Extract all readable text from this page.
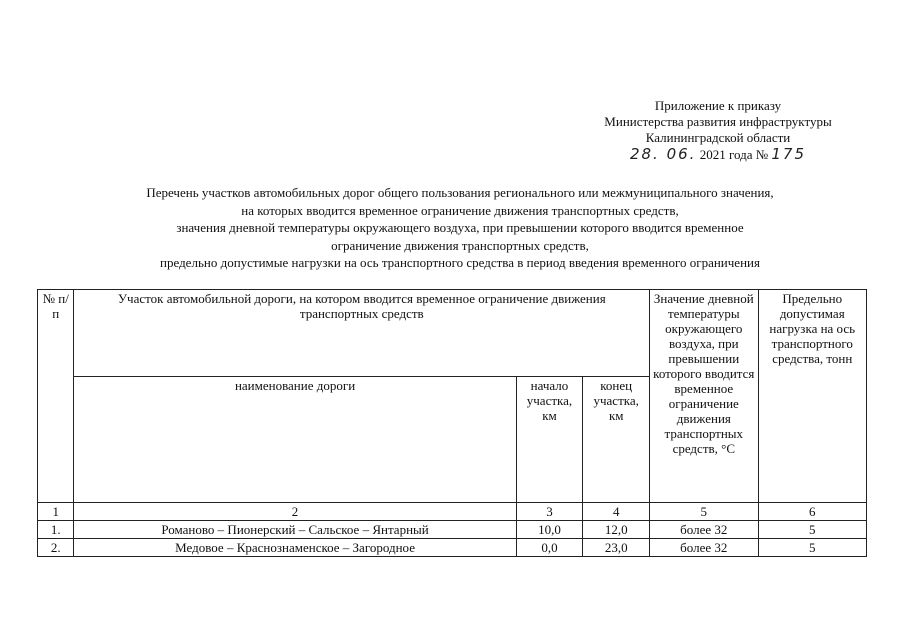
Приложение к приказу
Министерства развития инфраструктуры
Калининградской области
28. 06. 2021 года № 175
Перечень участков автомобильных дорог общего пользования регионального или межмуниципального значения,
на которых вводится временное ограничение движения транспортных средств,
значения дневной температуры окружающего воздуха, при превышении которого вводится временное
ограничение движения транспортных средств,
предельно допустимые нагрузки на ось транспортного средства в период введения временного ограничения
№ п/п	Участок автомобильной дороги, на котором вводится временное ограничение движения транспортных средств			Значение дневной температуры окружающего воздуха, при превышении которого вводится временное ограничение движения транспортных средств, °С	Предельно допустимая нагрузка на ось транспортного средства, тонн
	наименование дороги	начало участка, км	конец участка, км		
1	2	3	4	5	6
1.	Романово – Пионерский – Сальское – Янтарный	10,0	12,0	более 32	5
2.	Медовое – Краснознаменское – Загородное	0,0	23,0	более 32	5
